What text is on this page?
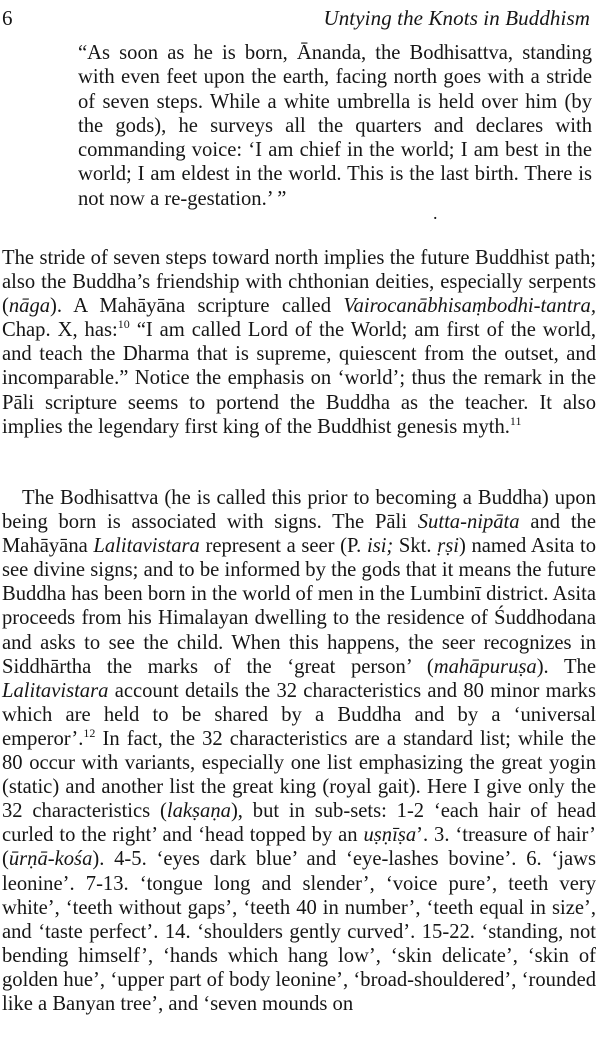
6	Untying the Knots in Buddhism

“As soon as he is born, Ānanda, the Bodhisattva, standing with even feet upon the earth, facing north goes with a stride of seven steps. While a white umbrella is held over him (by the gods), he surveys all the quarters and declares with commanding voice: ‘I am chief in the world; I am best in the world; I am eldest in the world. This is the last birth. There is not now a re-gestation.’ ”

.

The stride of seven steps toward north implies the future Buddhist path; also the Buddha’s friendship with chthonian deities, especially serpents (nāga). A Mahāyāna scripture called Vairocanābhisaṃbodhi-tantra, Chap. X, has:$^{10}$ “I am called Lord of the World; am first of the world, and teach the Dharma that is supreme, quiescent from the outset, and incomparable.” Notice the emphasis on ‘world’; thus the remark in the Pāli scripture seems to portend the Buddha as the teacher. It also implies the legendary first king of the Buddhist genesis myth.$^{11}$

The Bodhisattva (he is called this prior to becoming a Buddha) upon being born is associated with signs. The Pāli Sutta-nipāta and the Mahāyāna Lalitavistara represent a seer (P. isi; Skt. ṛṣi) named Asita to see divine signs; and to be informed by the gods that it means the future Buddha has been born in the world of men in the Lumbinī district. Asita proceeds from his Himalayan dwelling to the residence of Śuddhodana and asks to see the child. When this happens, the seer recognizes in Siddhārtha the marks of the ‘great person’ (mahāpuruṣa). The Lalitavistara account details the 32 characteristics and 80 minor marks which are held to be shared by a Buddha and by a ‘universal emperor’.$^{12}$ In fact, the 32 characteristics are a standard list; while the 80 occur with variants, especially one list emphasizing the great yogin (static) and another list the great king (royal gait). Here I give only the 32 characteristics (lakṣaṇa), but in sub-sets: 1-2 ‘each hair of head curled to the right’ and ‘head topped by an uṣṇīṣa’. 3. ‘treasure of hair’ (ūrṇā-kośa). 4-5. ‘eyes dark blue’ and ‘eye-lashes bovine’. 6. ‘jaws leonine’. 7-13. ‘tongue long and slender’, ‘voice pure’, teeth very white’, ‘teeth without gaps’, ‘teeth 40 in number’, ‘teeth equal in size’, and ‘taste perfect’. 14. ‘shoulders gently curved’. 15-22. ‘standing, not bending himself’, ‘hands which hang low’, ‘skin delicate’, ‘skin of golden hue’, ‘upper part of body leonine’, ‘broad-shouldered’, ‘rounded like a Banyan tree’, and ‘seven mounds on
